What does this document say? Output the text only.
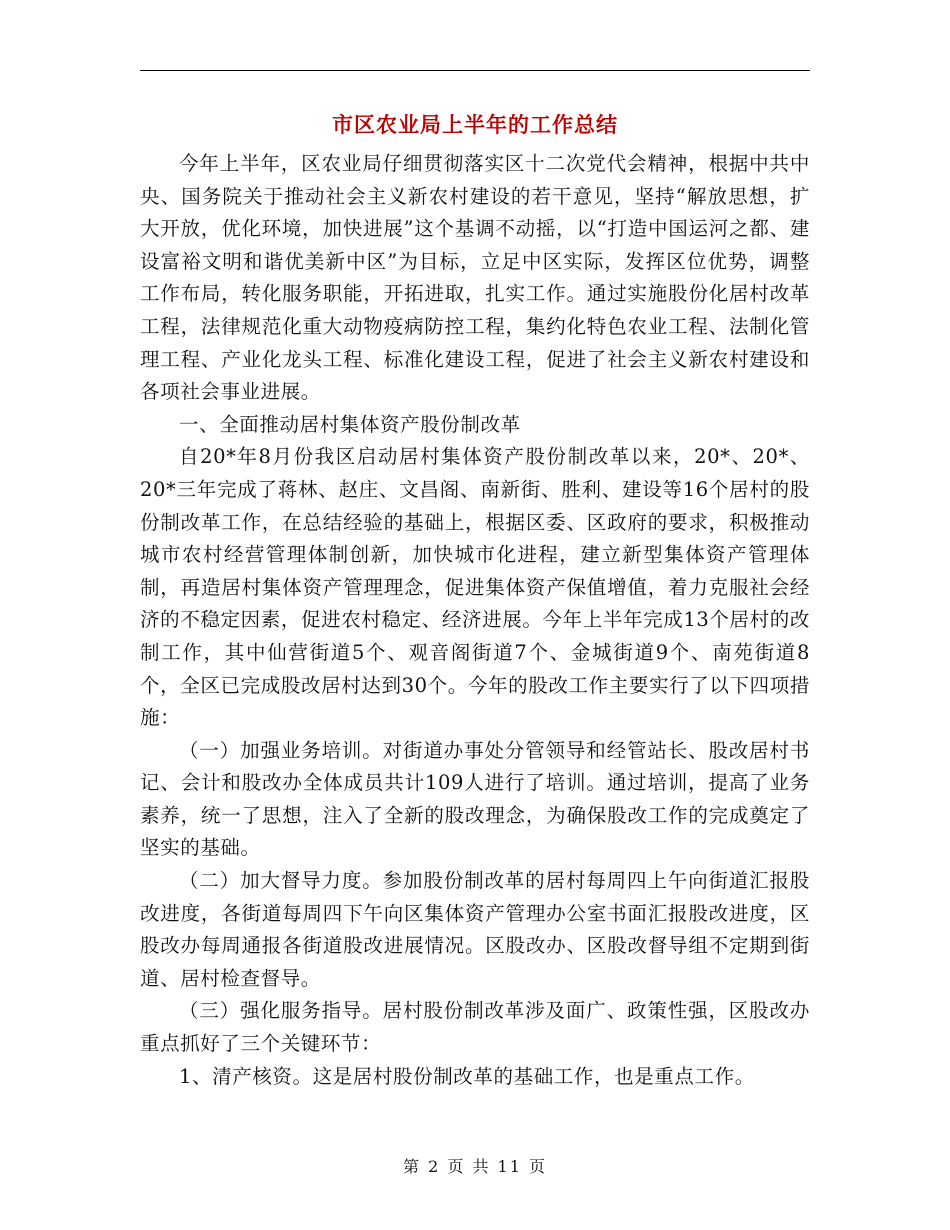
市区农业局上半年的工作总结

今年上半年，区农业局仔细贯彻落实区十二次党代会精神，根据中共中央、国务院关于推动社会主义新农村建设的若干意见，坚持“解放思想，扩大开放，优化环境，加快进展”这个基调不动摇，以“打造中国运河之都、建设富裕文明和谐优美新中区”为目标，立足中区实际，发挥区位优势，调整工作布局，转化服务职能，开拓进取，扎实工作。通过实施股份化居村改革工程，法律规范化重大动物疫病防控工程，集约化特色农业工程、法制化管理工程、产业化龙头工程、标准化建设工程，促进了社会主义新农村建设和各项社会事业进展。

一、全面推动居村集体资产股份制改革

自20*年8月份我区启动居村集体资产股份制改革以来，20*、20*、20*三年完成了蒋林、赵庄、文昌阁、南新街、胜利、建设等16个居村的股份制改革工作，在总结经验的基础上，根据区委、区政府的要求，积极推动城市农村经营管理体制创新，加快城市化进程，建立新型集体资产管理体制，再造居村集体资产管理理念，促进集体资产保值增值，着力克服社会经济的不稳定因素，促进农村稳定、经济进展。今年上半年完成13个居村的改制工作，其中仙营街道5个、观音阁街道7个、金城街道9个、南苑街道8个，全区已完成股改居村达到30个。今年的股改工作主要实行了以下四项措施：

（一）加强业务培训。对街道办事处分管领导和经管站长、股改居村书记、会计和股改办全体成员共计109人进行了培训。通过培训，提高了业务素养，统一了思想，注入了全新的股改理念，为确保股改工作的完成奠定了坚实的基础。

（二）加大督导力度。参加股份制改革的居村每周四上午向街道汇报股改进度，各街道每周四下午向区集体资产管理办公室书面汇报股改进度，区股改办每周通报各街道股改进展情况。区股改办、区股改督导组不定期到街道、居村检查督导。

（三）强化服务指导。居村股份制改革涉及面广、政策性强，区股改办重点抓好了三个关键环节：

1、清产核资。这是居村股份制改革的基础工作，也是重点工作。

第 2 页 共 11 页
